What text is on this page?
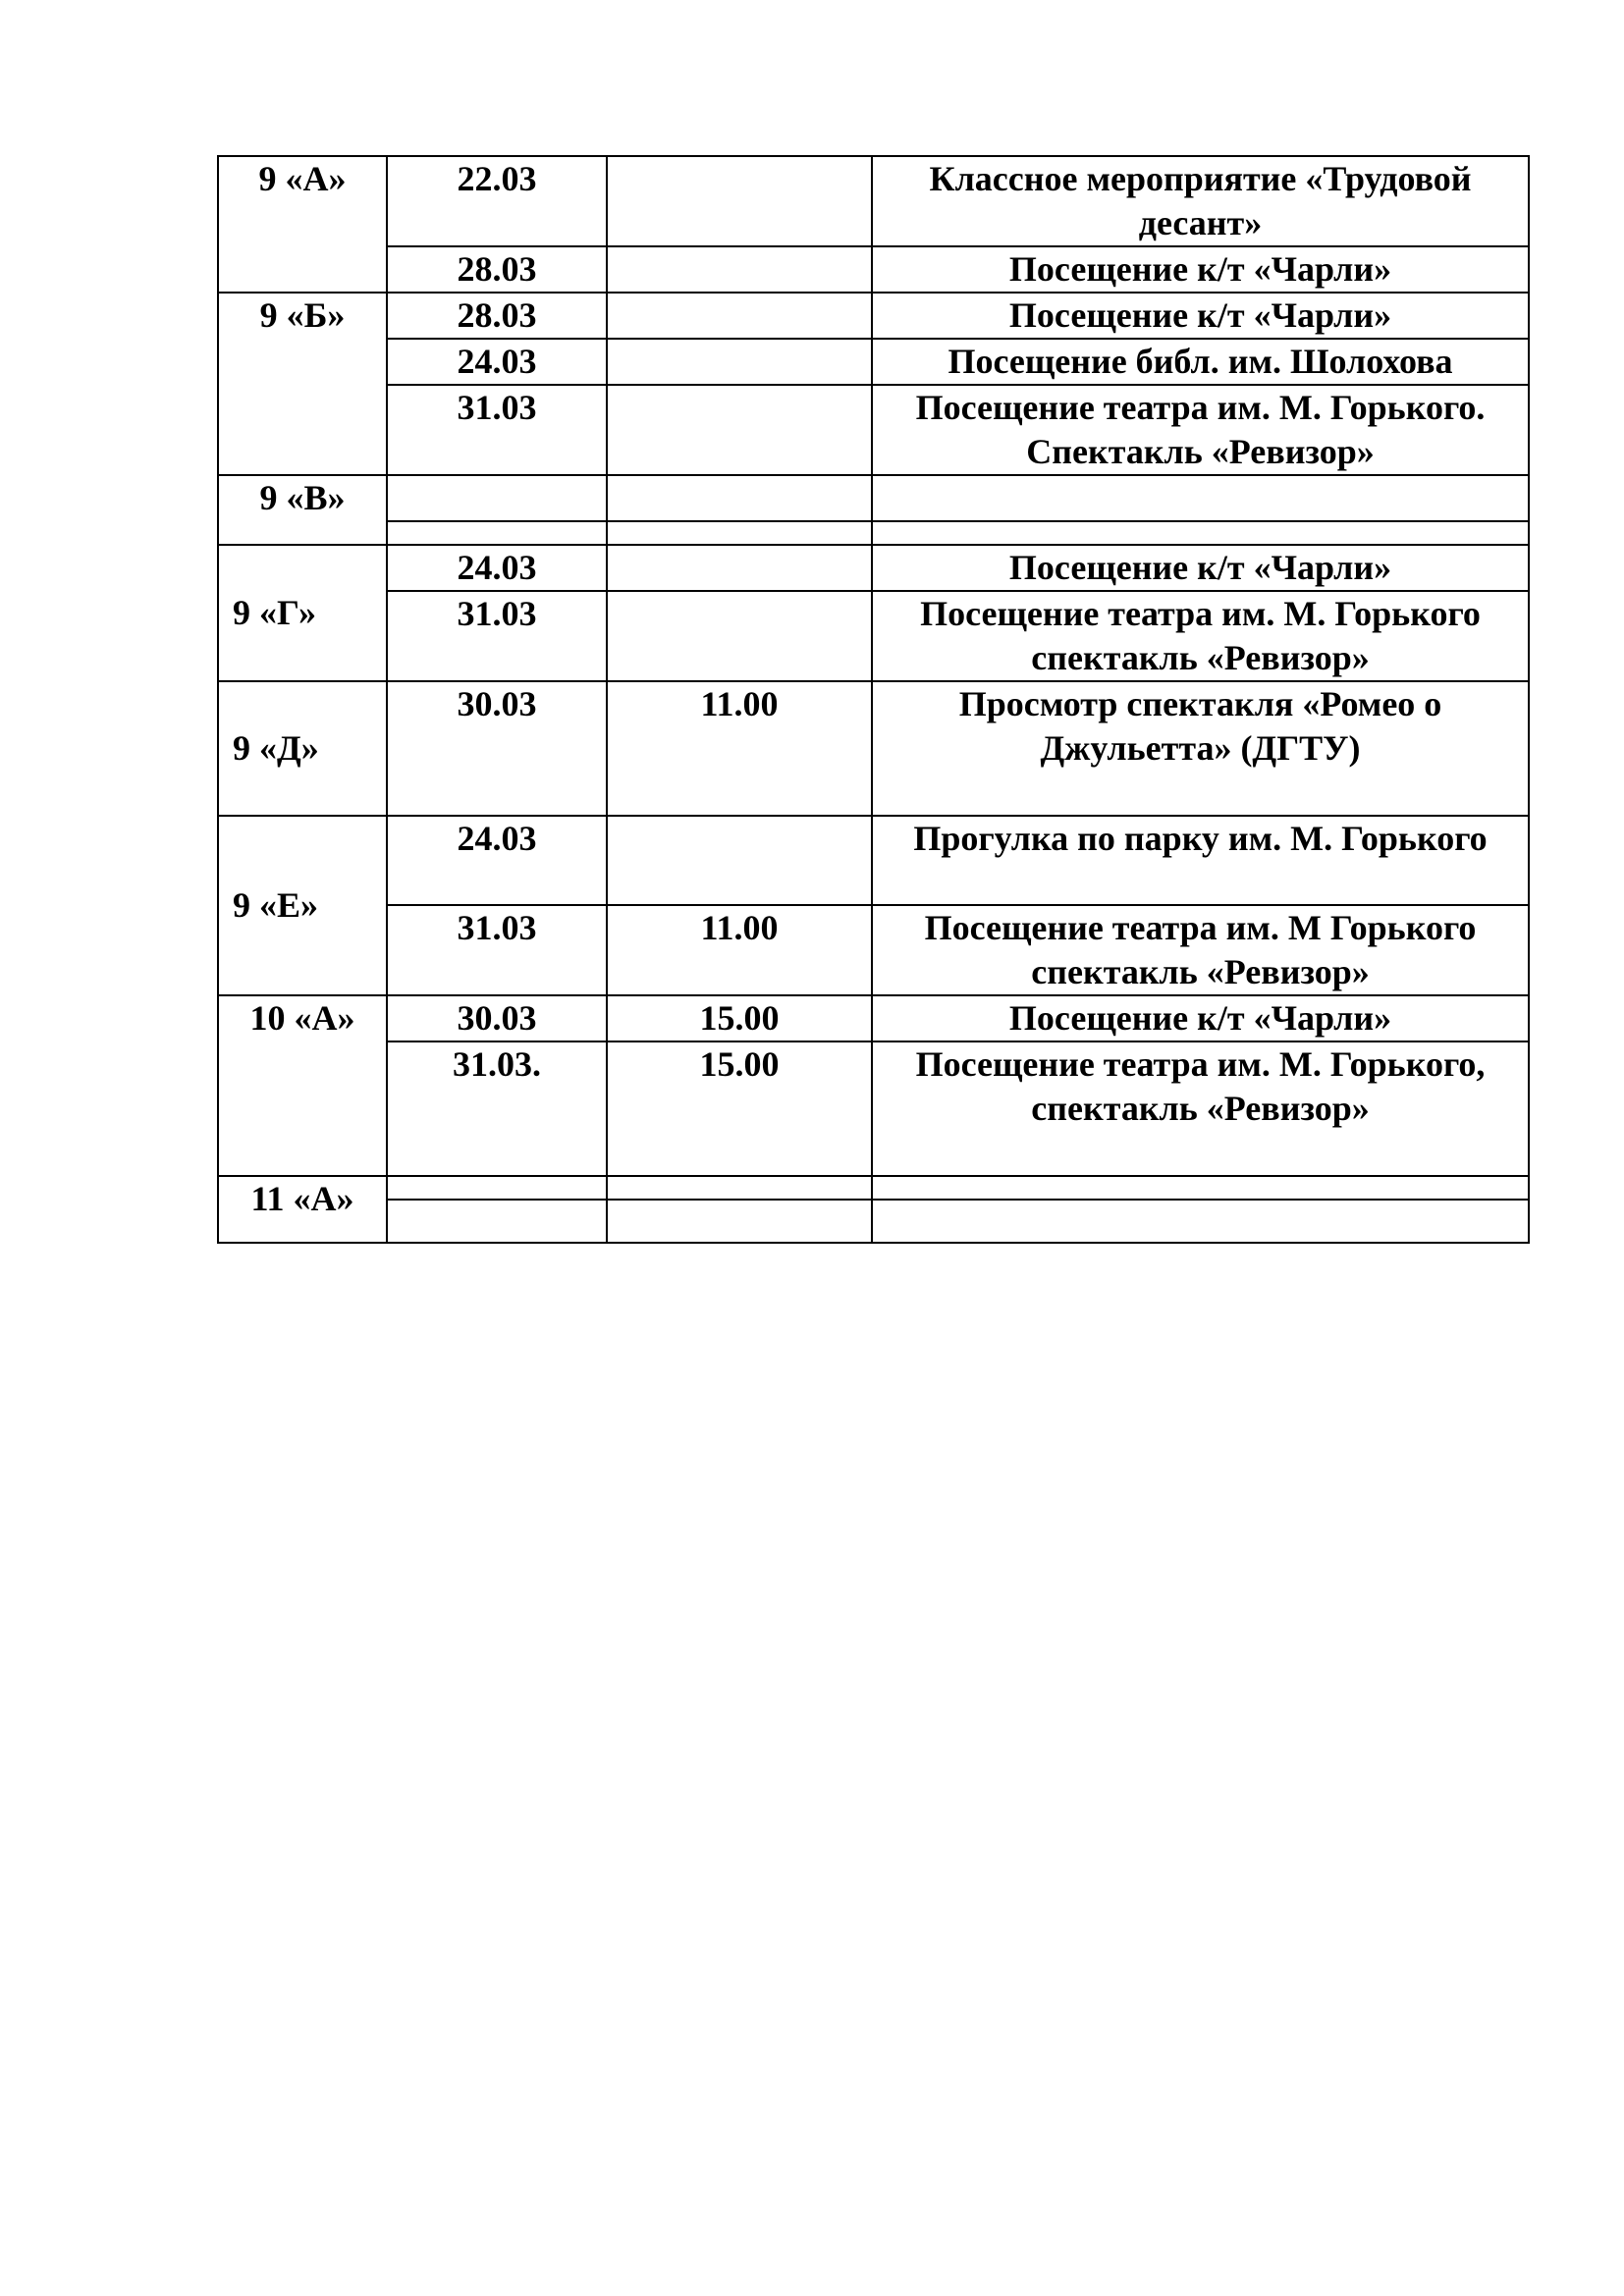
9 «А»	22.03		Классное мероприятие «Трудовой десант»
	28.03		Посещение к/т «Чарли»
9 «Б»	28.03		Посещение к/т «Чарли»
	24.03		Посещение библ. им. Шолохова
	31.03		Посещение театра им. М. Горького. Спектакль «Ревизор»
9 «В»			

9 «Г»	24.03		Посещение к/т «Чарли»
	31.03		Посещение театра им. М. Горького спектакль «Ревизор»
9 «Д»	30.03	11.00	Просмотр спектакля «Ромео о Джульетта» (ДГТУ)
9 «Е»	24.03		Прогулка по парку им. М. Горького
	31.03	11.00	Посещение театра им. М Горького спектакль «Ревизор»
10 «А»	30.03	15.00	Посещение к/т «Чарли»
	31.03.	15.00	Посещение театра им. М. Горького, спектакль «Ревизор»
11 «А»			
